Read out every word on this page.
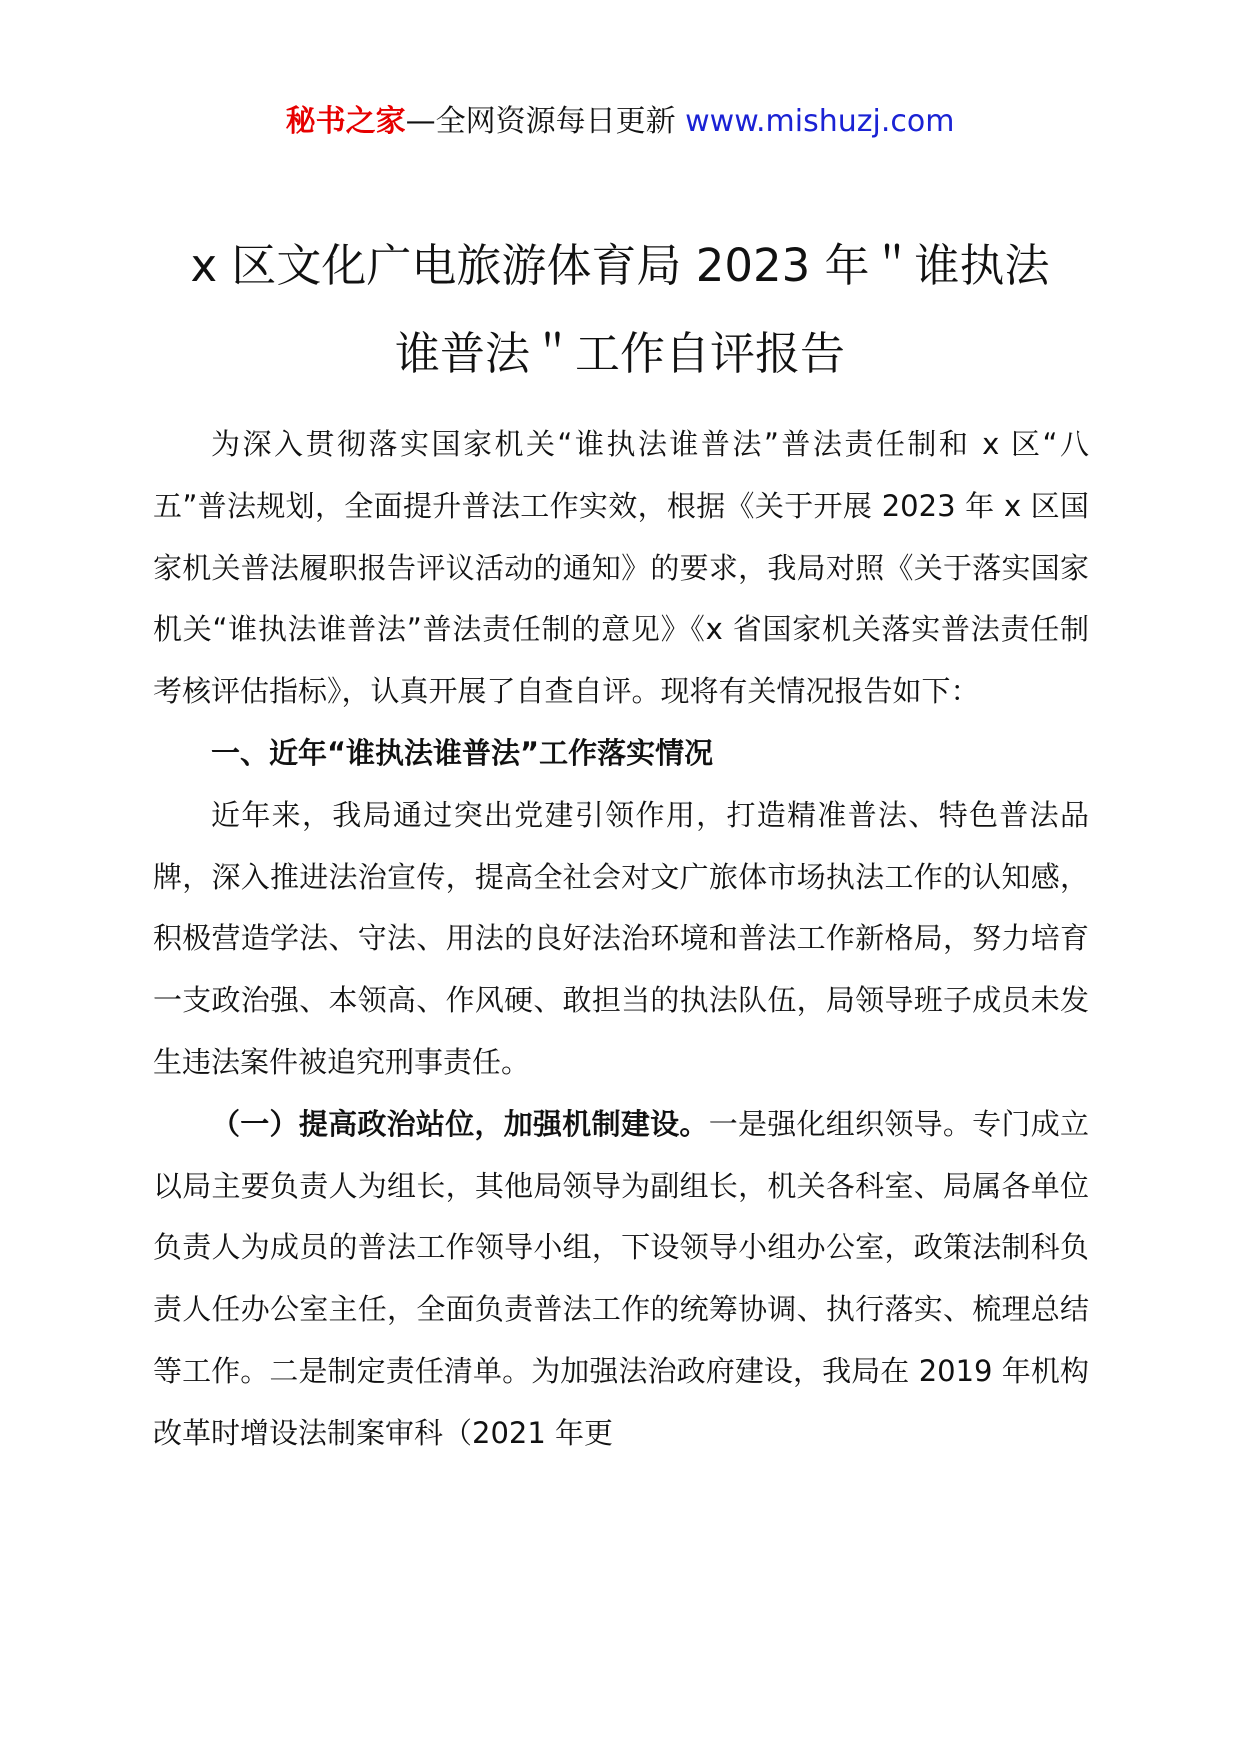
秘书之家—全网资源每日更新 www.mishuzj.com
x 区文化广电旅游体育局 2023 年＂谁执法
谁普法＂工作自评报告

为深入贯彻落实国家机关“谁执法谁普法”普法责任制和 x 区“八五”普法规划，全面提升普法工作实效，根据《关于开展 2023 年 x 区国家机关普法履职报告评议活动的通知》的要求，我局对照《关于落实国家机关“谁执法谁普法”普法责任制的意见》《x 省国家机关落实普法责任制考核评估指标》，认真开展了自查自评。现将有关情况报告如下：

一、近年“谁执法谁普法”工作落实情况

近年来，我局通过突出党建引领作用，打造精准普法、特色普法品牌，深入推进法治宣传，提高全社会对文广旅体市场执法工作的认知感，积极营造学法、守法、用法的良好法治环境和普法工作新格局，努力培育一支政治强、本领高、作风硬、敢担当的执法队伍，局领导班子成员未发生违法案件被追究刑事责任。

（一）提高政治站位，加强机制建设。一是强化组织领导。专门成立以局主要负责人为组长，其他局领导为副组长，机关各科室、局属各单位负责人为成员的普法工作领导小组，下设领导小组办公室，政策法制科负责人任办公室主任，全面负责普法工作的统筹协调、执行落实、梳理总结等工作。二是制定责任清单。为加强法治政府建设，我局在 2019 年机构改革时增设法制案审科（2021 年更
